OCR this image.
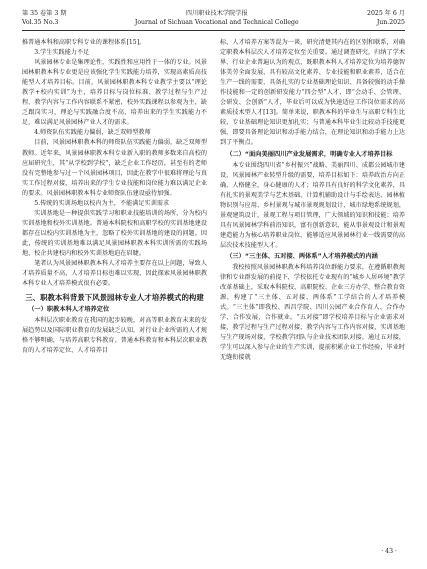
第 35 卷第 3 期
Vol.35 No.3
四川职业技术学院学报
Journal of Sichuan Vocational and Technical College
2025 年 6 月
Jun.2025

推普通本科和高职专科专业的课程体系[15]。

3.学生实践能力不足

风景园林专业是集理论性、实践性和应用性于一体的专业。风景园林职教本科专业更是应该强化学生实践能力培养，实现高素质高技能型人才培养目标。目前，风景园林职教本科专业教学主要以“理论教学+校内实训”为主，培养目标与岗位标准、教学过程与生产过程、教学内容与工作内容联系不紧密，校外实践课程以参观为主，缺乏跟岗实习，理论与实践融合度不高，培养出来的学生实践能力不足，难以满足风景园林产业人才的需求。

4.师资队伍实践能力偏弱，缺乏双师型教师

目前，风景园林职教本科的师资队伍实践能力偏弱，缺乏双师型教师。近年来，风景园林职教本科专业新入职的教师多数来自高校的应届研究生，其“从学校到学校”，缺乏企业工作经历，甚至有的老师没有完整地参与过一个风景园林项目，因此在教学中很难将理论与真实工作过程对接，培养出来的学生专业技能和岗位能力难以满足企业的要求。风景园林职教本科专业师资队伍建设亟待加强。

5.传统的实训场地以校内为主，不能满足实训需求

实训基地是一种提供实践学习和职业技能培训的场所，分为校内实训基地和校外实训基地。普通本科院校和高职学校的实训基地建设都存在以校内实训基地为主，忽略了校外实训基地的建设的问题。因此，传统的实训基地难以满足风景园林职教本科实训所需的实践场地，校企共建校内和校外实训基地迫在眉睫。

笔者认为风景园林职教本科人才培养主要存在以上问题，导致人才培养质量不高，人才培养目标也难以实现，因此探索风景园林职教本科专业人才培养模式很有必要。

三、职教本科背景下风景园林专业人才培养模式的构建
（一）职教本科人才培养定位

本科层次职业教育在我国的起步较晚，对高等职业教育未来的发展趋势以及国际职业教育的发展缺乏认知，对行业企业所需的人才规格不够明确，与培养高职专科教育、普通本科教育和本科层次职业教育的人才培养定位、人才培养目

标、人才培养方案等混为一谈，研究清楚其内在的区别和联系，对确定职教本科层次人才培养定位至关重要。通过调查研究，归纳了学术界、行业企业普遍认为的观点，既职教本科人才培养定位为培养德智体美劳全面发展，具有较高文化素养、专业技能和职业素养，适合在生产一线的需要，具备扎实的专业基础理论知识、具备较强的动手操作技能和一定的创新研发能力“四会型”人才，即“会动手、会管理、会研发、会创新”人才，毕业后可以成为快速适应工作岗位需求的高素质技术型人才[13]。简单来说，职教本科的毕业生与高职专科生比较，专业基础理论知识更加扎实；与普通本科毕业生比较动手技能更强，即要具备理论知识和动手能力结合，在理论知识和动手能力上达到了平衡点。

（二）“面向美丽四川产业发展需求，明确专业人才培养目标

本专业围绕四川省“乡村振兴”战略、美丽四川、成都公园城市建设，风景园林产业转型升级的需要，培养目标如下：培养政治方向正确，人格健全，身心健康的人才；培养具有良好的科学文化素养，具有扎实的景观美学与艺术基础、计算机辅助设计与手绘表达、园林植物识别与应用、乡村景观与城市景观规划设计、城市绿地系统规划，景观建筑设计，景观工程与项目管理，广大领域的知识和技能；培养具有风景园林学科前沿知识，富有创新意识，能从事景观设计和景观建造能力为核心培养职业岗位，能够适应风景园林行业一线需要的高层次技术技能型人才。

（三）“三主体、五对接、两体系”人才培养模式的内涵

我校按照风景园林职教本科培养岗位群能力要求，在遵循职教规律和专业群发展的前提下，学校依托专业现有的“城乡人居环境”教学改革基础上，采取本科院校、高职院校、企业三方办学，整合教育资源，构建了“三主体、五对接、两体系”工学结合的人才培养模式。“三主体”即我校、西昌学院、四川公园产业合作育人、合作办学、合作发展，合作就业。“五对接”即学校培养目标与企业需求对接，教学过程与生产过程对接、教学内容与工作内容对接，实训基地与生产现场对接，学校教学团队与企业技术团队对接。通过五对接，学生可以深入参与企业的生产实训，提前积累企业工作经验，毕业时无缝衔接就

· 43 ·
